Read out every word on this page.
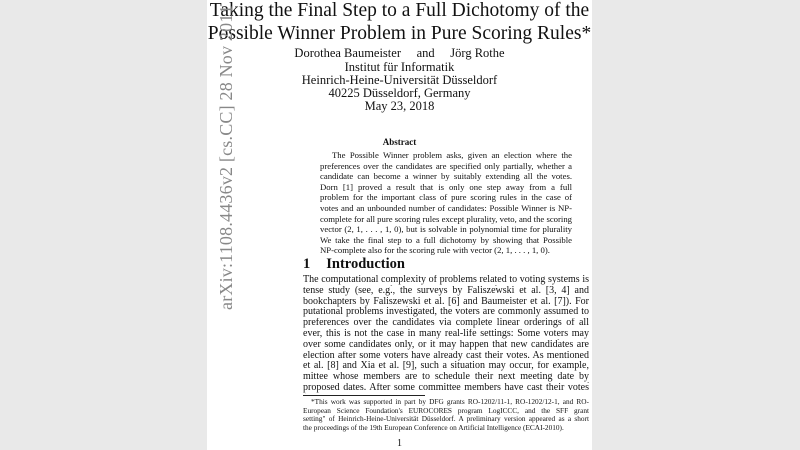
arXiv:1108.4436v2 [cs.CC] 28 Nov 2011
Taking the Final Step to a Full Dichotomy of the
Possible Winner Problem in Pure Scoring Rules*
Dorothea Baumeister     and     Jörg Rothe
Institut für Informatik
Heinrich-Heine-Universität Düsseldorf
40225 Düsseldorf, Germany
May 23, 2018
Abstract
The Possible Winner problem asks, given an election where the
preferences over the candidates are specified only partially, whether a
candidate can become a winner by suitably extending all the votes.
Dorn [1] proved a result that is only one step away from a full
problem for the important class of pure scoring rules in the case of
votes and an unbounded number of candidates: Possible Winner is NP-
complete for all pure scoring rules except plurality, veto, and the scoring
vector (2, 1, . . . , 1, 0), but is solvable in polynomial time for plurality
We take the final step to a full dichotomy by showing that Possible
NP-complete also for the scoring rule with vector (2, 1, . . . , 1, 0).
1 Introduction
The computational complexity of problems related to voting systems is
tense study (see, e.g., the surveys by Faliszewski et al. [3, 4] and
bookchapters by Faliszewski et al. [6] and Baumeister et al. [7]). For
putational problems investigated, the voters are commonly assumed to
preferences over the candidates via complete linear orderings of all
ever, this is not the case in many real-life settings: Some voters may
over some candidates only, or it may happen that new candidates are
election after some voters have already cast their votes. As mentioned
et al. [8] and Xia et al. [9], such a situation may occur, for example,
mittee whose members are to schedule their next meeting date by
proposed dates. After some committee members have cast their votes
*This work was supported in part by DFG grants RO-1202/11-1, RO-1202/12-1, and RO-
European Science Foundation's EUROCORES program LogICCC, and the SFF grant
setting" of Heinrich-Heine-Universität Düsseldorf. A preliminary version appeared as a short
the proceedings of the 19th European Conference on Artificial Intelligence (ECAI-2010).
1
